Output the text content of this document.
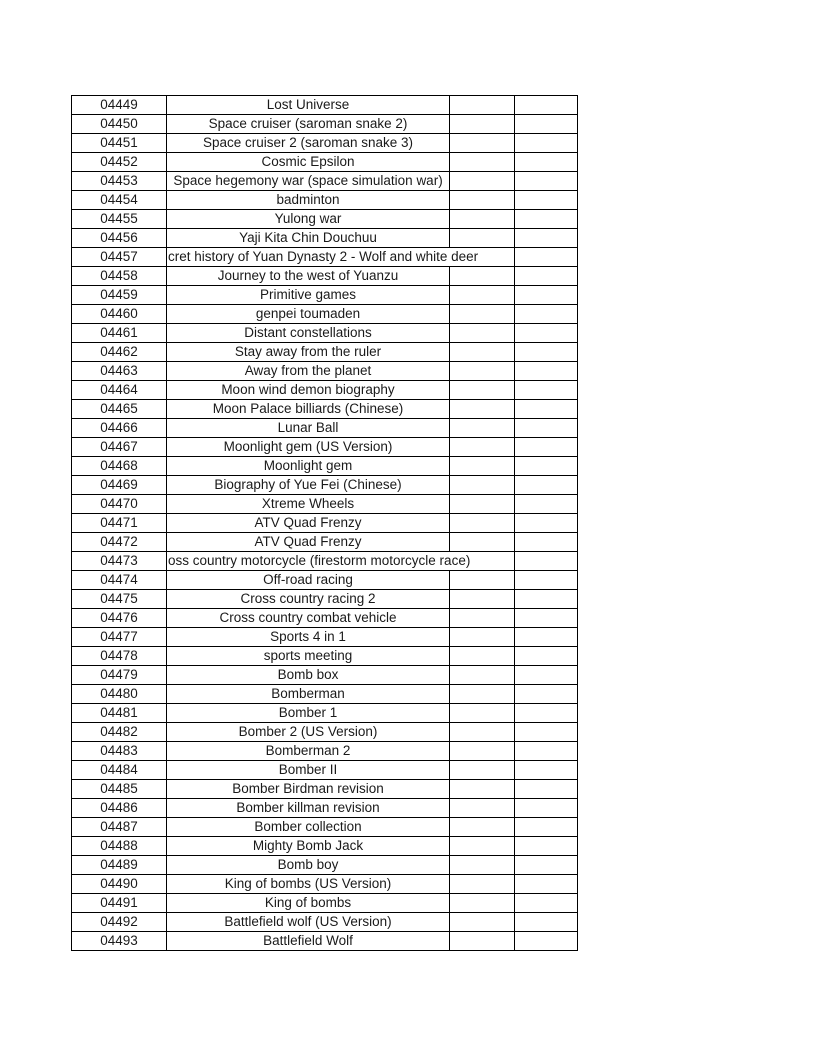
04449	Lost Universe		
04450	Space cruiser (saroman snake 2)		
04451	Space cruiser 2 (saroman snake 3)		
04452	Cosmic Epsilon		
04453	Space hegemony war (space simulation war)		
04454	badminton		
04455	Yulong war		
04456	Yaji Kita Chin Douchuu		
04457	cret history of Yuan Dynasty 2 - Wolf and white deer		
04458	Journey to the west of Yuanzu		
04459	Primitive games		
04460	genpei toumaden		
04461	Distant constellations		
04462	Stay away from the ruler		
04463	Away from the planet		
04464	Moon wind demon biography		
04465	Moon Palace billiards (Chinese)		
04466	Lunar Ball		
04467	Moonlight gem (US Version)		
04468	Moonlight gem		
04469	Biography of Yue Fei (Chinese)		
04470	Xtreme Wheels		
04471	ATV Quad Frenzy		
04472	ATV Quad Frenzy		
04473	oss country motorcycle (firestorm motorcycle race)		
04474	Off-road racing		
04475	Cross country racing 2		
04476	Cross country combat vehicle		
04477	Sports 4 in 1		
04478	sports meeting		
04479	Bomb box		
04480	Bomberman		
04481	Bomber 1		
04482	Bomber 2 (US Version)		
04483	Bomberman 2		
04484	Bomber II		
04485	Bomber Birdman revision		
04486	Bomber killman revision		
04487	Bomber collection		
04488	Mighty Bomb Jack		
04489	Bomb boy		
04490	King of bombs (US Version)		
04491	King of bombs		
04492	Battlefield wolf (US Version)		
04493	Battlefield Wolf		
